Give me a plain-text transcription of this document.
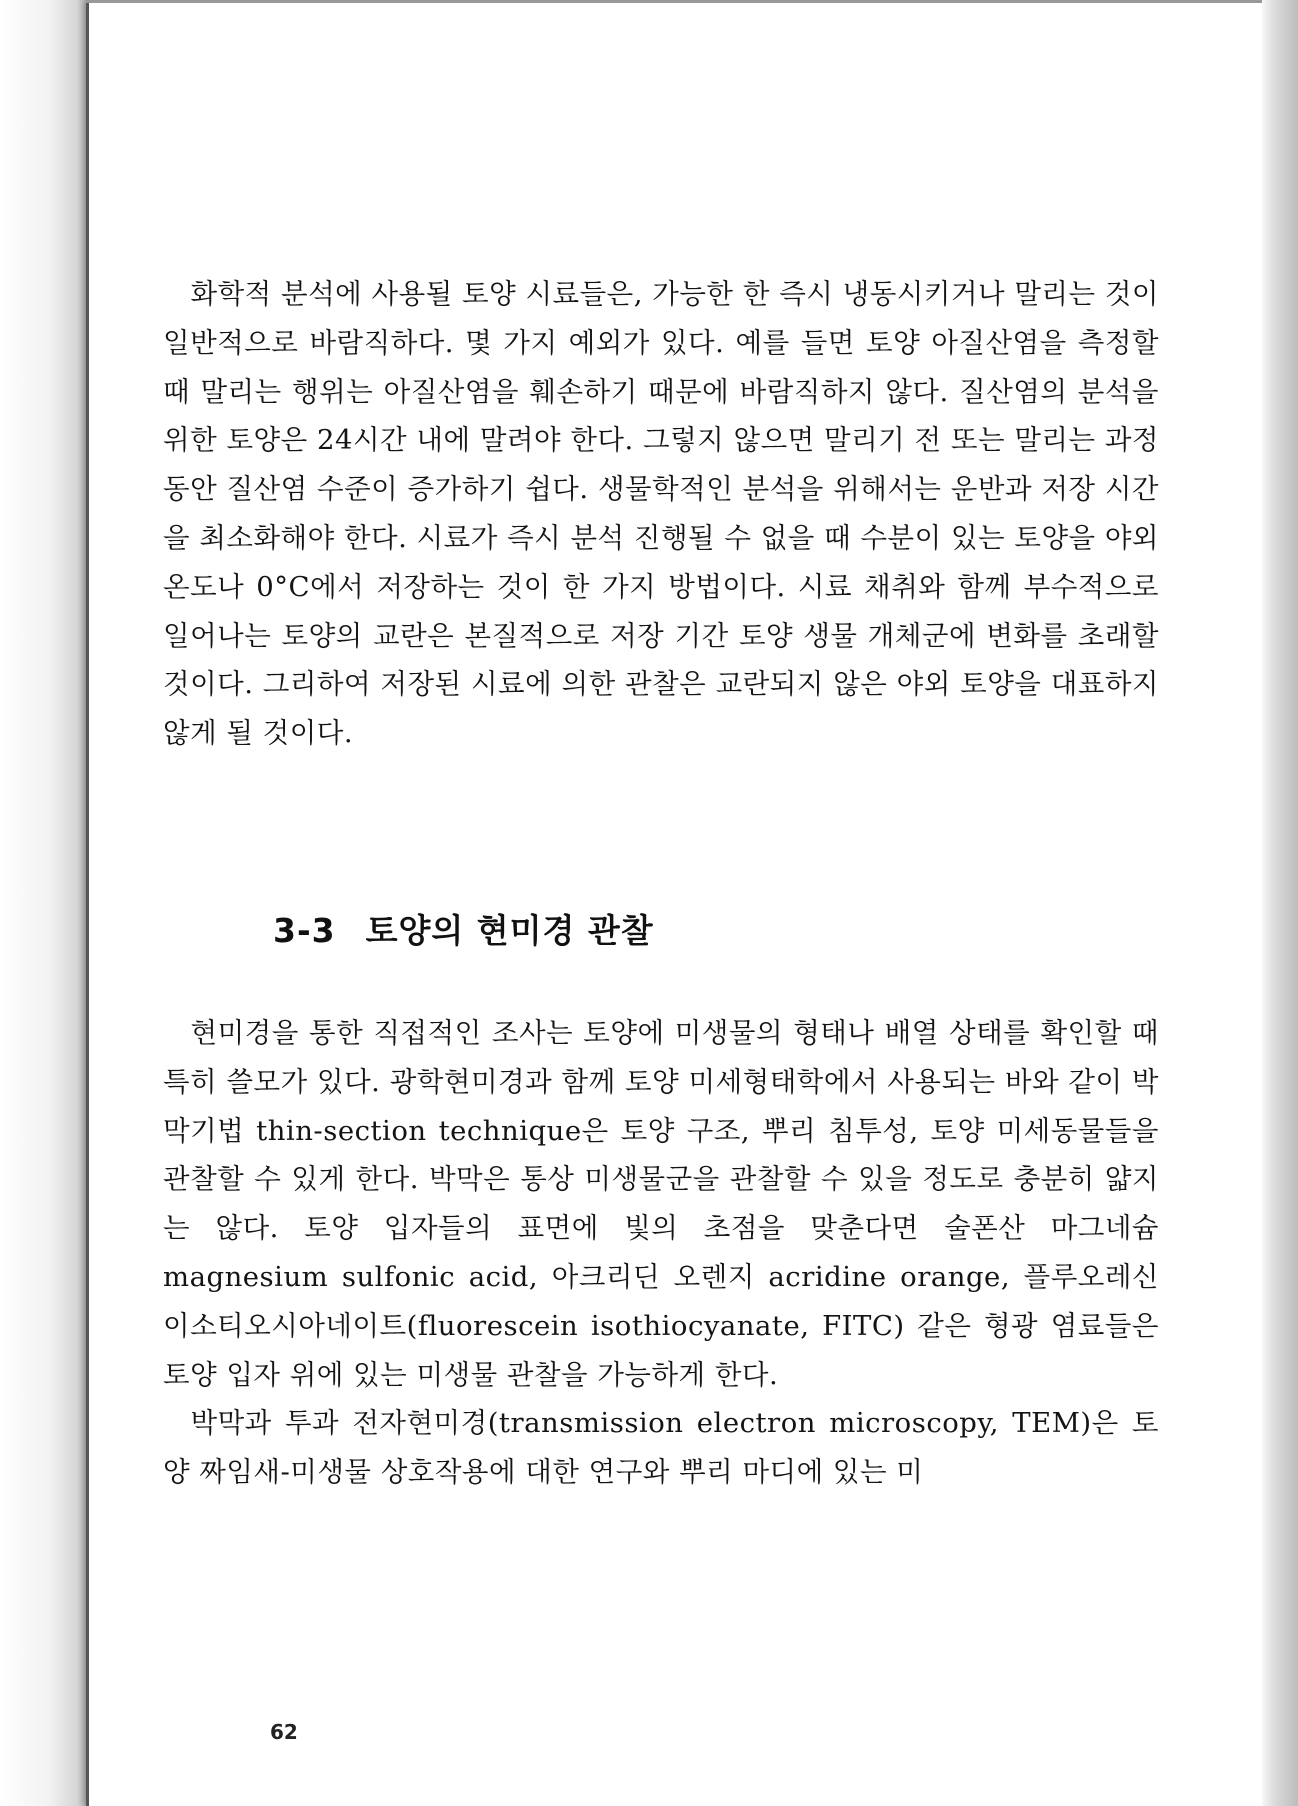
화학적 분석에 사용될 토양 시료들은, 가능한 한 즉시 냉동시키거나 말리는 것이 일반적으로 바람직하다. 몇 가지 예외가 있다. 예를 들면 토양 아질산염을 측정할 때 말리는 행위는 아질산염을 훼손하기 때문에 바람직하지 않다. 질산염의 분석을 위한 토양은 24시간 내에 말려야 한다. 그렇지 않으면 말리기 전 또는 말리는 과정 동안 질산염 수준이 증가하기 쉽다. 생물학적인 분석을 위해서는 운반과 저장 시간을 최소화해야 한다. 시료가 즉시 분석 진행될 수 없을 때 수분이 있는 토양을 야외 온도나 0°C에서 저장하는 것이 한 가지 방법이다. 시료 채취와 함께 부수적으로 일어나는 토양의 교란은 본질적으로 저장 기간 토양 생물 개체군에 변화를 초래할 것이다. 그리하여 저장된 시료에 의한 관찰은 교란되지 않은 야외 토양을 대표하지 않게 될 것이다.

3-3 토양의 현미경 관찰

현미경을 통한 직접적인 조사는 토양에 미생물의 형태나 배열 상태를 확인할 때 특히 쓸모가 있다. 광학현미경과 함께 토양 미세형태학에서 사용되는 바와 같이 박막기법 thin-section technique은 토양 구조, 뿌리 침투성, 토양 미세동물들을 관찰할 수 있게 한다. 박막은 통상 미생물군을 관찰할 수 있을 정도로 충분히 얇지는 않다. 토양 입자들의 표면에 빛의 초점을 맞춘다면 술폰산 마그네슘 magnesium sulfonic acid, 아크리딘 오렌지 acridine orange, 플루오레신 이소티오시아네이트(fluorescein isothiocyanate, FITC) 같은 형광 염료들은 토양 입자 위에 있는 미생물 관찰을 가능하게 한다.

박막과 투과 전자현미경(transmission electron microscopy, TEM)은 토양 짜임새-미생물 상호작용에 대한 연구와 뿌리 마디에 있는 미

62
